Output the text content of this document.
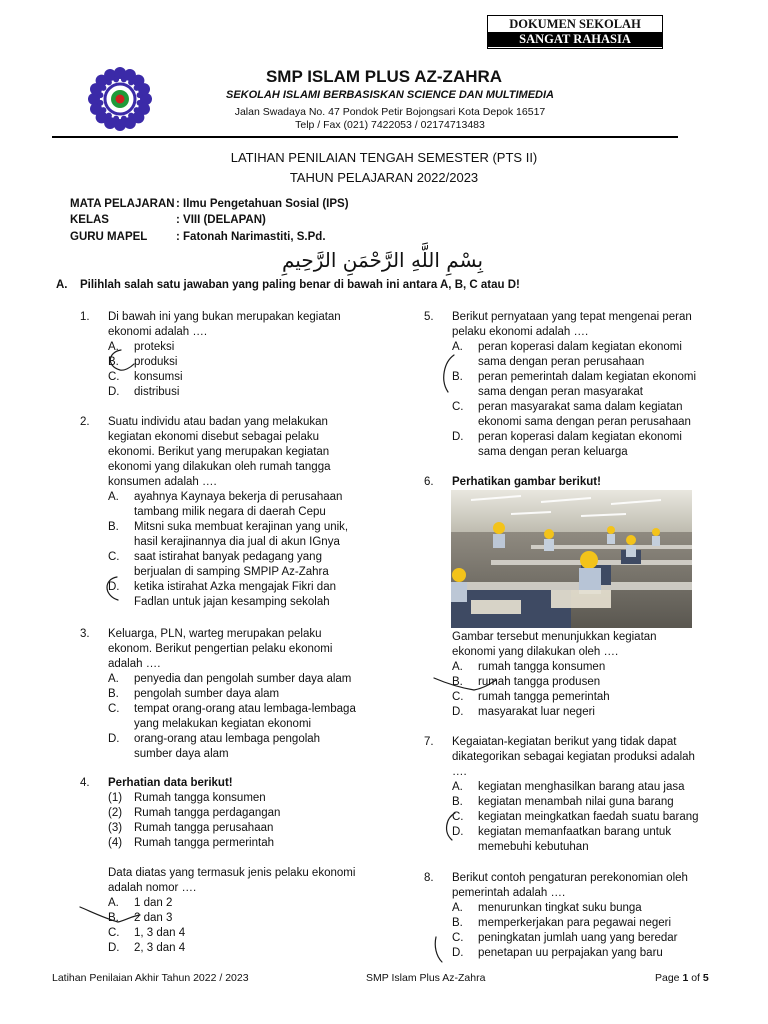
DOKUMEN SEKOLAH
SANGAT RAHASIA
SMP ISLAM PLUS AZ-ZAHRA
SEKOLAH ISLAMI BERBASISKAN SCIENCE DAN MULTIMEDIA
Jalan Swadaya No. 47 Pondok Petir Bojongsari Kota Depok 16517
Telp / Fax (021) 7422053 / 02174713483
LATIHAN PENILAIAN TENGAH SEMESTER (PTS II)
TAHUN PELAJARAN 2022/2023
MATA PELAJARAN : Ilmu Pengetahuan Sosial (IPS)
KELAS	: VIII (DELAPAN)
GURU MAPEL : Fatonah Narimastiti, S.Pd.
بِسْمِ اللَّهِ الرَّحْمَنِ الرَّحِيمِ
A. Pilihlah salah satu jawaban yang paling benar di bawah ini antara A, B, C atau D!
1. Di bawah ini yang bukan merupakan kegiatan
ekonomi adalah ….
A. proteksi
B. produksi
C. konsumsi
D. distribusi
2. Suatu individu atau badan yang melakukan
kegiatan ekonomi disebut sebagai pelaku
ekonomi. Berikut yang merupakan kegiatan
ekonomi yang dilakukan oleh rumah tangga
konsumen adalah ….
A. ayahnya Kaynaya bekerja di perusahaan
tambang milik negara di daerah Cepu
B. Mitsni suka membuat kerajinan yang unik,
hasil kerajinannya dia jual di akun IGnya
C. saat istirahat banyak pedagang yang
berjualan di samping SMPIP Az-Zahra
D. ketika istirahat Azka mengajak Fikri dan
Fadlan untuk jajan kesamping sekolah
3. Keluarga, PLN, warteg merupakan pelaku
ekonom. Berikut pengertian pelaku ekonomi
adalah ….
A. penyedia dan pengolah sumber daya alam
B. pengolah sumber daya alam
C. tempat orang-orang atau lembaga-lembaga
yang melakukan kegiatan ekonomi
D. orang-orang atau lembaga pengolah
sumber daya alam
4. Perhatian data berikut!
(1) Rumah tangga konsumen
(2) Rumah tangga perdagangan
(3) Rumah tangga perusahaan
(4) Rumah tangga permerintah
Data diatas yang termasuk jenis pelaku ekonomi
adalah nomor ….
A. 1 dan 2
B. 2 dan 3
C. 1, 3 dan 4
D. 2, 3 dan 4
5. Berikut pernyataan yang tepat mengenai peran
pelaku ekonomi adalah ….
A. peran koperasi dalam kegiatan ekonomi
sama dengan peran perusahaan
B. peran pemerintah dalam kegiatan ekonomi
sama dengan peran masyarakat
C. peran masyarakat sama dalam kegiatan
ekonomi sama dengan peran perusahaan
D. peran koperasi dalam kegiatan ekonomi
sama dengan peran keluarga
6. Perhatikan gambar berikut!
Gambar tersebut menunjukkan kegiatan
ekonomi yang dilakukan oleh ….
A. rumah tangga konsumen
B. rumah tangga produsen
C. rumah tangga pemerintah
D. masyarakat luar negeri
7. Kegaiatan-kegiatan berikut yang tidak dapat
dikategorikan sebagai kegiatan produksi adalah
….
A. kegiatan menghasilkan barang atau jasa
B. kegiatan menambah nilai guna barang
C. kegiatan meingkatkan faedah suatu barang
D. kegiatan memanfaatkan barang untuk
memebuhi kebutuhan
8. Berikut contoh pengaturan perekonomian oleh
pemerintah adalah ….
A. menurunkan tingkat suku bunga
B. memperkerjakan para pegawai negeri
C. peningkatan jumlah uang yang beredar
D. penetapan uu perpajakan yang baru
Latihan Penilaian Akhir Tahun 2022 / 2023	SMP Islam Plus Az-Zahra	Page 1 of 5
